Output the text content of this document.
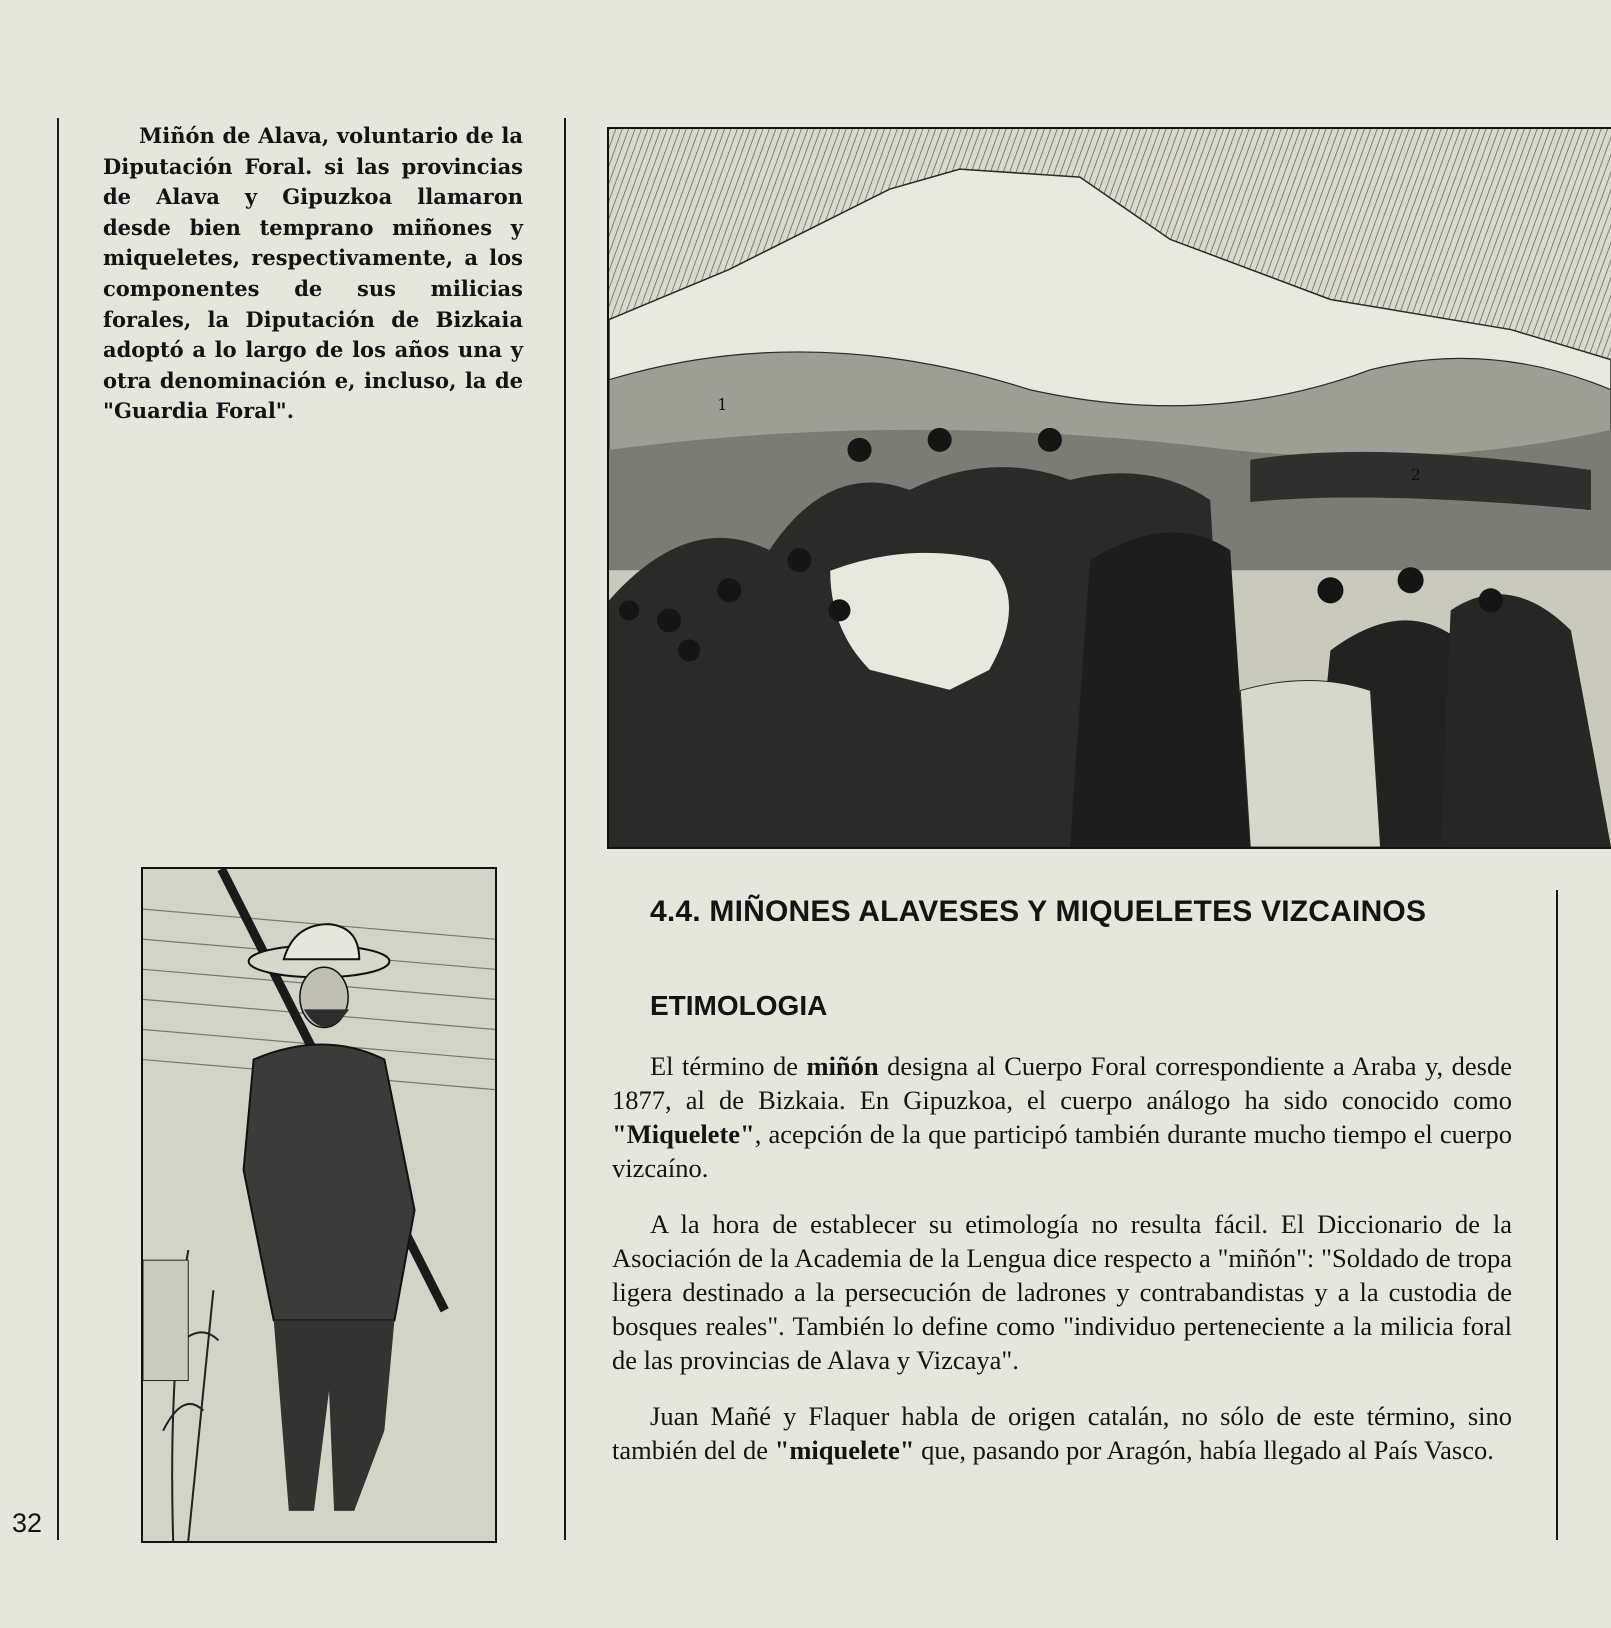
Miñón de Alava, voluntario de la Diputación Foral. si las provincias de Alava y Gipuzkoa llamaron desde bien temprano miñones y miqueletes, respectivamente, a los componentes de sus milicias forales, la Diputación de Bizkaia adoptó a lo largo de los años una y otra denominación e, incluso, la de "Guardia Foral".	1
2
4.4. MIÑONES ALAVESES Y MIQUELETES VIZCAINOS
ETIMOLOGIA

El término de miñón designa al Cuerpo Foral correspondiente a Araba y, desde 1877, al de Bizkaia. En Gipuzkoa, el cuerpo análogo ha sido conocido como "Miquelete", acepción de la que participó también durante mucho tiempo el cuerpo vizcaíno.

A la hora de establecer su etimología no resulta fácil. El Diccionario de la Asociación de la Academia de la Lengua dice respecto a "miñón": "Soldado de tropa ligera destinado a la persecución de ladrones y contrabandistas y a la custodia de bosques reales". También lo define como "individuo perteneciente a la milicia foral de las provincias de Alava y Vizcaya".

Juan Mañé y Flaquer habla de origen catalán, no sólo de este término, sino también del de "miquelete" que, pasando por Aragón, había llegado al País Vasco.

32
